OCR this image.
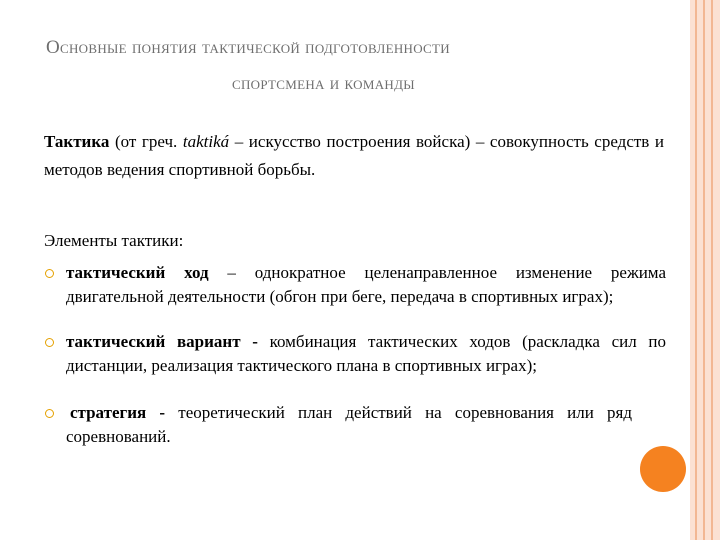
Основные понятия тактической подготовленности
спортсмена и команды
Тактика (от греч. taktiká – искусство построения войска) – совокупность средств и методов ведения спортивной борьбы.
Элементы тактики:
тактический ход – однократное целенаправленное изменение режима двигательной деятельности (обгон при беге, передача в спортивных играх);
тактический вариант - комбинация тактических ходов (раскладка сил по дистанции, реализация тактического плана в спортивных играх);
стратегия - теоретический план действий на соревнования или ряд соревнований.
